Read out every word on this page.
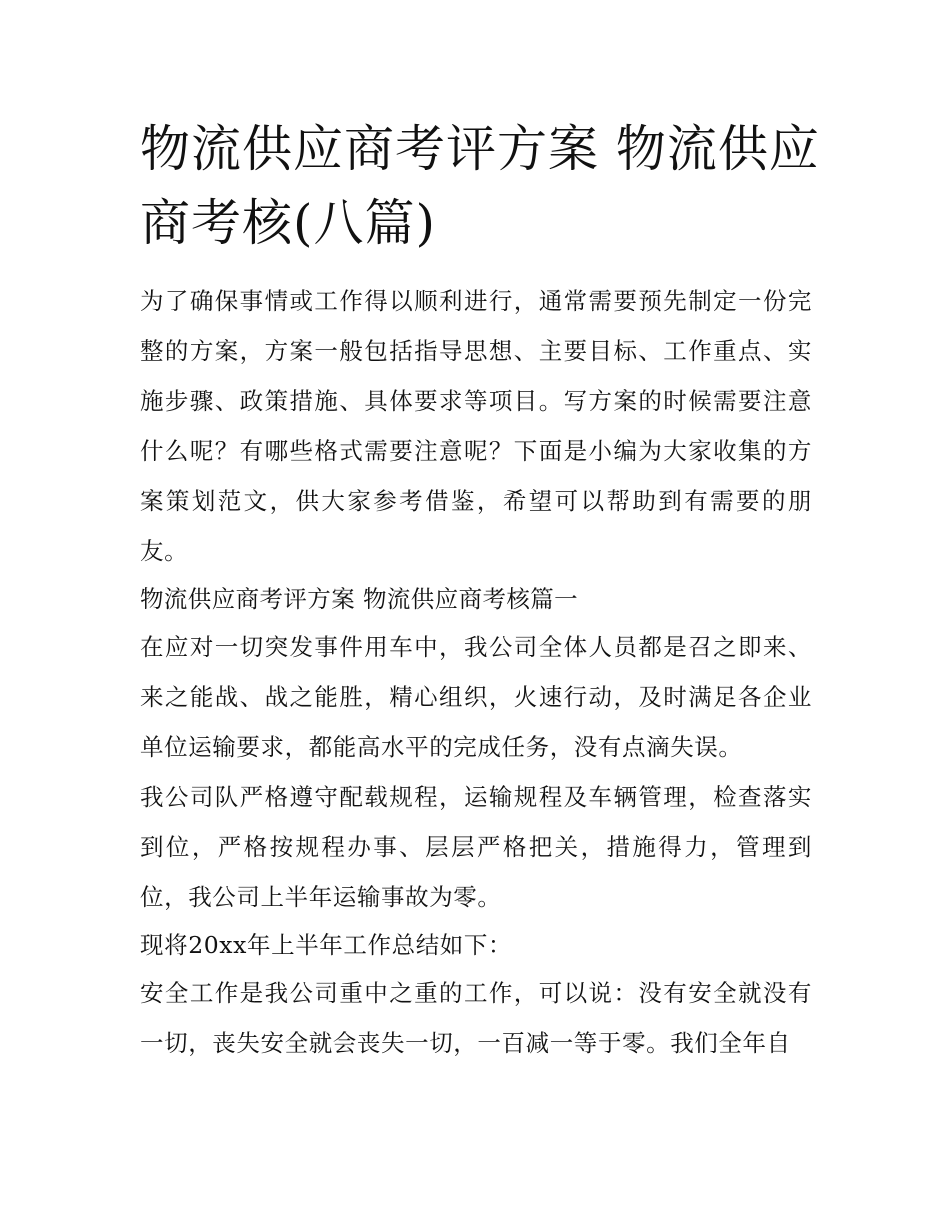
物流供应商考评方案 物流供应商考核(八篇)

为了确保事情或工作得以顺利进行，通常需要预先制定一份完整的方案，方案一般包括指导思想、主要目标、工作重点、实施步骤、政策措施、具体要求等项目。写方案的时候需要注意什么呢？有哪些格式需要注意呢？下面是小编为大家收集的方案策划范文，供大家参考借鉴，希望可以帮助到有需要的朋友。

物流供应商考评方案 物流供应商考核篇一

在应对一切突发事件用车中，我公司全体人员都是召之即来、来之能战、战之能胜，精心组织，火速行动，及时满足各企业单位运输要求，都能高水平的完成任务，没有点滴失误。

我公司队严格遵守配载规程，运输规程及车辆管理，检查落实到位，严格按规程办事、层层严格把关，措施得力，管理到位，我公司上半年运输事故为零。

现将20xx年上半年工作总结如下：

安全工作是我公司重中之重的工作，可以说：没有安全就没有一切，丧失安全就会丧失一切，一百减一等于零。我们全年自
